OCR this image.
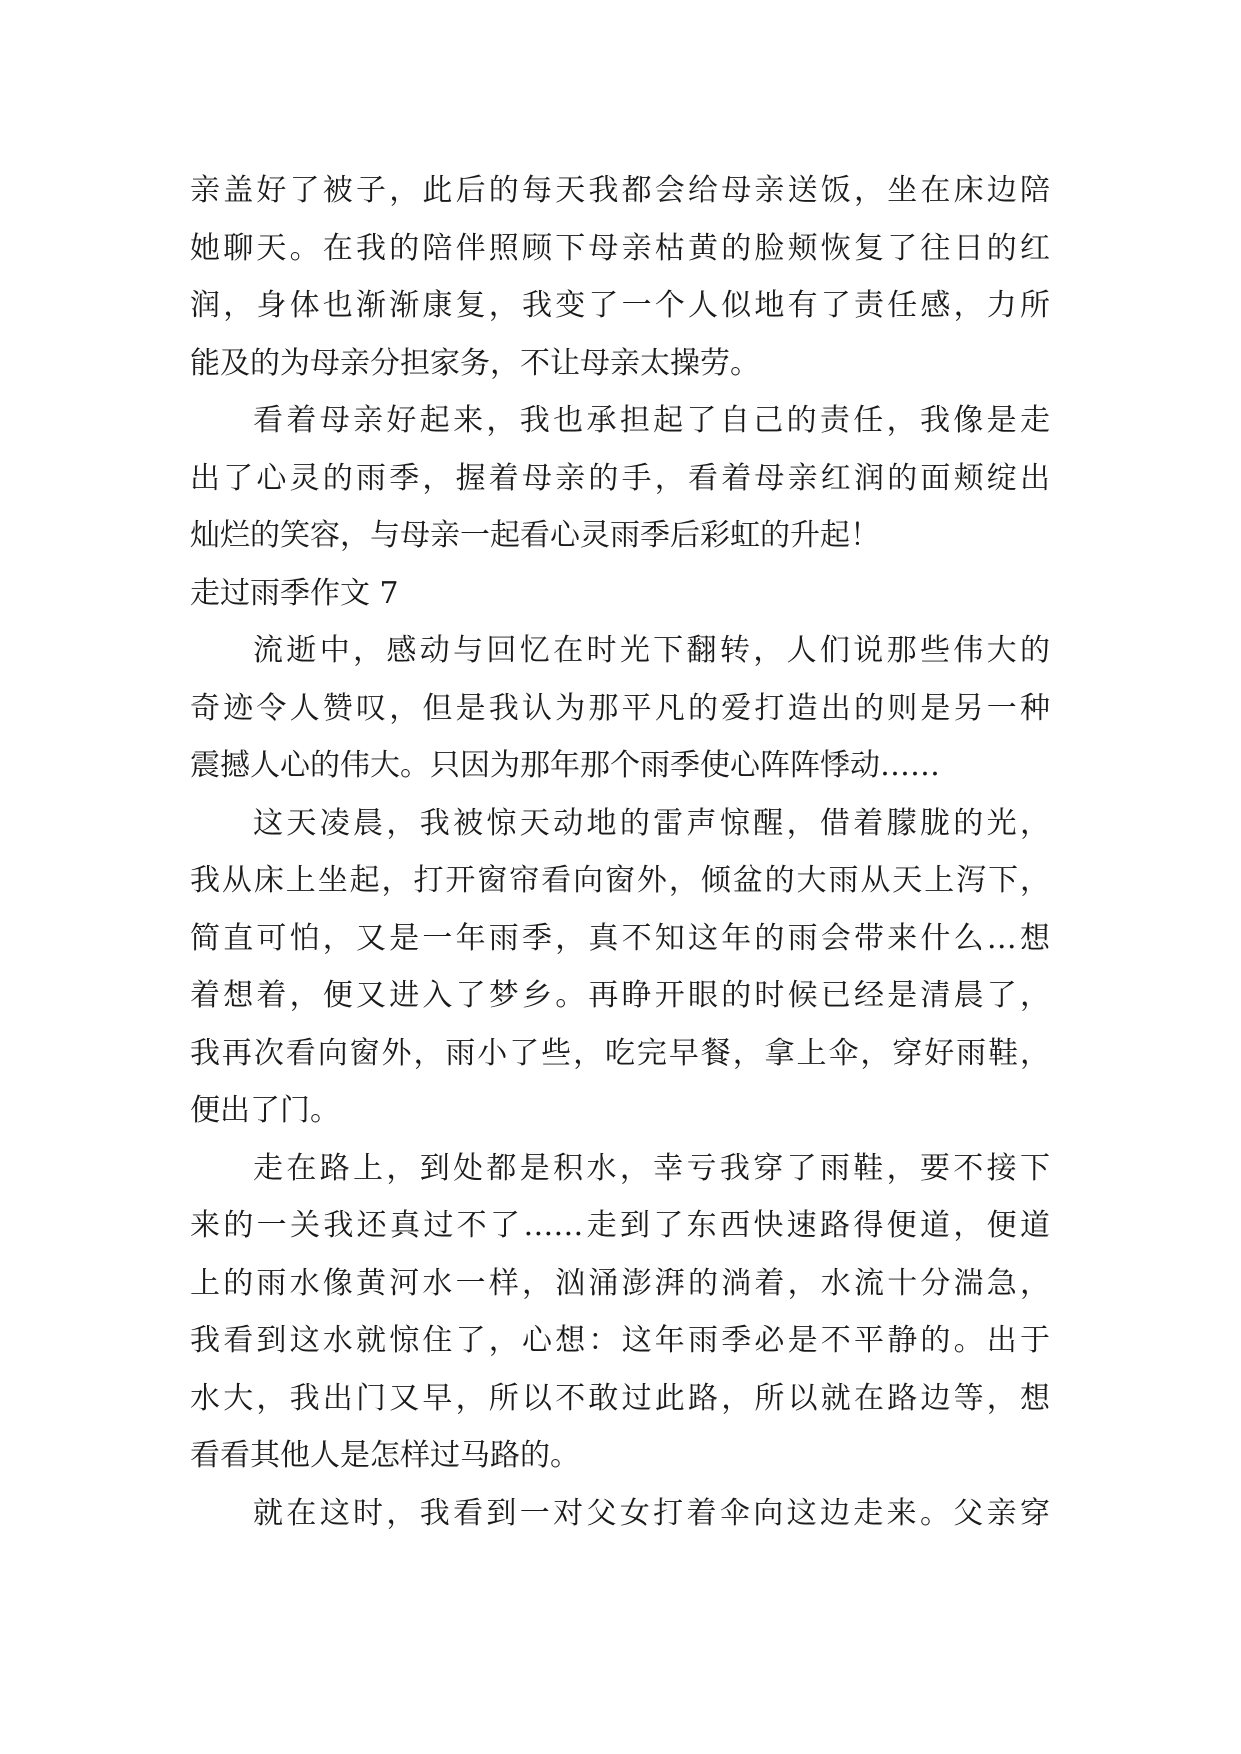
亲盖好了被子，此后的每天我都会给母亲送饭，坐在床边陪
她聊天。在我的陪伴照顾下母亲枯黄的脸颊恢复了往日的红
润，身体也渐渐康复，我变了一个人似地有了责任感，力所
能及的为母亲分担家务，不让母亲太操劳。
看着母亲好起来，我也承担起了自己的责任，我像是走
出了心灵的雨季，握着母亲的手，看着母亲红润的面颊绽出
灿烂的笑容，与母亲一起看心灵雨季后彩虹的升起！
走过雨季作文 7
流逝中，感动与回忆在时光下翻转，人们说那些伟大的
奇迹令人赞叹，但是我认为那平凡的爱打造出的则是另一种
震撼人心的伟大。只因为那年那个雨季使心阵阵悸动……
这天凌晨，我被惊天动地的雷声惊醒，借着朦胧的光，
我从床上坐起，打开窗帘看向窗外，倾盆的大雨从天上泻下，
简直可怕，又是一年雨季，真不知这年的雨会带来什么…想
着想着，便又进入了梦乡。再睁开眼的时候已经是清晨了，
我再次看向窗外，雨小了些，吃完早餐，拿上伞，穿好雨鞋，
便出了门。
走在路上，到处都是积水，幸亏我穿了雨鞋，要不接下
来的一关我还真过不了……走到了东西快速路得便道，便道
上的雨水像黄河水一样，汹涌澎湃的淌着，水流十分湍急，
我看到这水就惊住了，心想：这年雨季必是不平静的。出于
水大，我出门又早，所以不敢过此路，所以就在路边等，想
看看其他人是怎样过马路的。
就在这时，我看到一对父女打着伞向这边走来。父亲穿
